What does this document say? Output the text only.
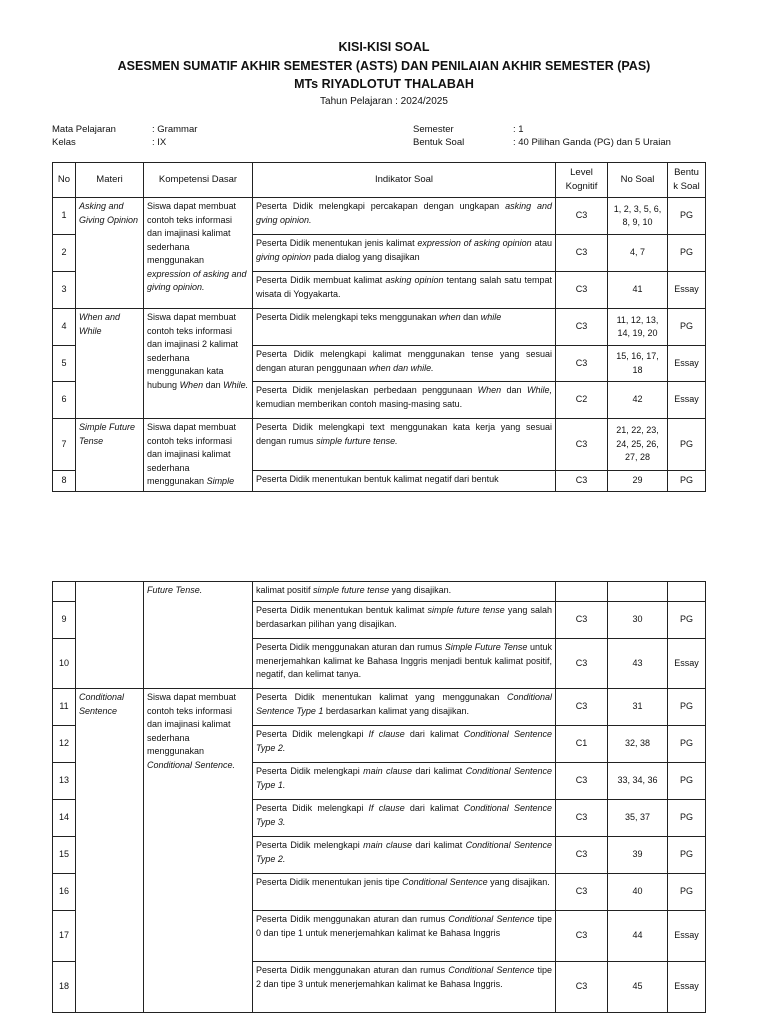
KISI-KISI SOAL
ASESMEN SUMATIF AKHIR SEMESTER (ASTS) DAN PENILAIAN AKHIR SEMESTER (PAS)
MTs RIYADLOTUT THALABAH
Tahun Pelajaran : 2024/2025
Mata Pelajaran	: Grammar
Kelas	: IX
Semester	: 1
Bentuk Soal	: 40 Pilihan Ganda (PG) dan 5 Uraian
No	Materi	Kompetensi Dasar	Indikator Soal	Level Kognitif	No Soal	Bentu k Soal
1	Asking and Giving Opinion	Siswa dapat membuat contoh teks informasi dan imajinasi kalimat sederhana menggunakan expression of asking and giving opinion.	Peserta Didik melengkapi percakapan dengan ungkapan asking and gving opinion.	C3	1, 2, 3, 5, 6, 8, 9, 10	PG
2			Peserta Didik menentukan jenis kalimat expression of asking opinion atau giving opinion pada dialog yang disajikan	C3	4, 7	PG
3			Peserta Didik membuat kalimat asking opinion tentang salah satu tempat wisata di Yogyakarta.	C3	41	Essay
4	When and While	Siswa dapat membuat contoh teks informasi dan imajinasi 2 kalimat sederhana menggunakan kata hubung When dan While.	Peserta Didik melengkapi teks menggunakan when dan while	C3	11, 12, 13, 14, 19, 20	PG
5			Peserta Didik melengkapi kalimat menggunakan tense yang sesuai dengan aturan penggunaan when dan while.	C3	15, 16, 17, 18	Essay
6			Peserta Didik menjelaskan perbedaan penggunaan When dan While, kemudian memberikan contoh masing-masing satu.	C2	42	Essay
7	Simple Future Tense	Siswa dapat membuat contoh teks informasi dan imajinasi kalimat sederhana menggunakan Simple	Peserta Didik melengkapi text menggunakan kata kerja yang sesuai dengan rumus simple furture tense.	C3	21, 22, 23, 24, 25, 26, 27, 28	PG
8			Peserta Didik menentukan bentuk kalimat negatif dari bentuk	C3	29	PG
		Future Tense.	kalimat positif simple future tense yang disajikan.			
9			Peserta Didik menentukan bentuk kalimat simple future tense yang salah berdasarkan pilihan yang disajikan.	C3	30	PG
10			Peserta Didik menggunakan aturan dan rumus Simple Future Tense untuk menerjemahkan kalimat ke Bahasa Inggris menjadi bentuk kalimat positif, negatif, dan kelimat tanya.	C3	43	Essay
11	Conditional Sentence	Siswa dapat membuat contoh teks informasi dan imajinasi kalimat sederhana menggunakan Conditional Sentence.	Peserta Didik menentukan kalimat yang menggunakan Conditional Sentence Type 1 berdasarkan kalimat yang disajikan.	C3	31	PG
12			Peserta Didik melengkapi If clause dari kalimat Conditional Sentence Type 2.	C1	32, 38	PG
13			Peserta Didik melengkapi main clause dari kalimat Conditional Sentence Type 1.	C3	33, 34, 36	PG
14			Peserta Didik melengkapi If clause dari kalimat Conditional Sentence Type 3.	C3	35, 37	PG
15			Peserta Didik melengkapi main clause dari kalimat Conditional Sentence Type 2.	C3	39	PG
16			Peserta Didik menentukan jenis tipe Conditional Sentence yang disajikan.	C3	40	PG
17			Peserta Didik menggunakan aturan dan rumus Conditional Sentence tipe 0 dan tipe 1 untuk menerjemahkan kalimat ke Bahasa Inggris	C3	44	Essay
18			Peserta Didik menggunakan aturan dan rumus Conditional Sentence tipe 2 dan tipe 3 untuk menerjemahkan kalimat ke Bahasa Inggris.	C3	45	Essay
